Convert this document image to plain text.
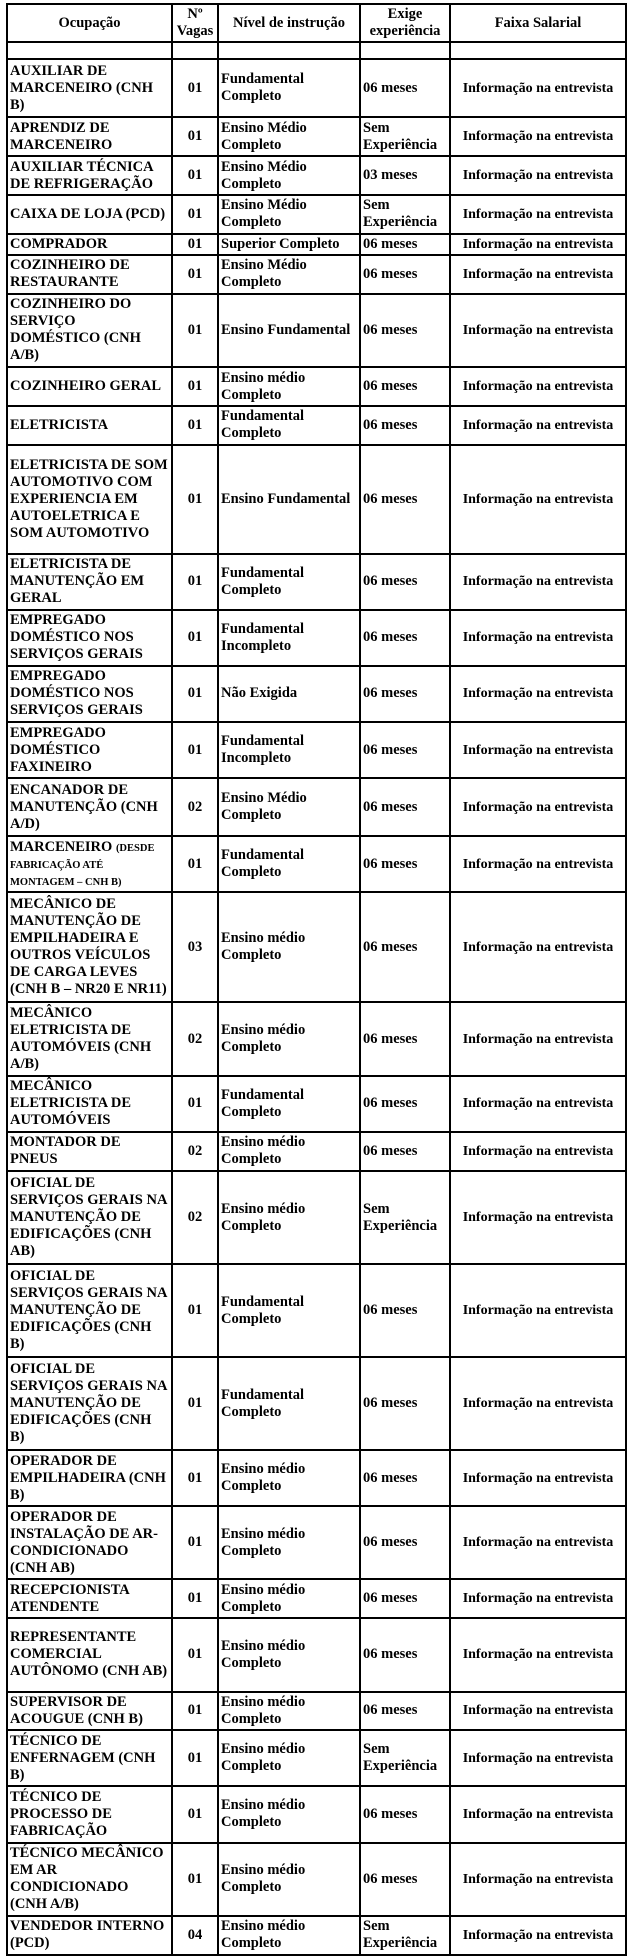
Ocupação	Nº Vagas	Nível de instrução	Exige experiência	Faixa Salarial

AUXILIAR DE MARCENEIRO (CNH B)	01	Fundamental Completo	06 meses	Informação na entrevista
APRENDIZ DE MARCENEIRO	01	Ensino Médio Completo	Sem Experiência	Informação na entrevista
AUXILIAR TÉCNICA DE REFRIGERAÇÃO	01	Ensino Médio Completo	03 meses	Informação na entrevista
CAIXA DE LOJA (PCD)	01	Ensino Médio Completo	Sem Experiência	Informação na entrevista
COMPRADOR	01	Superior Completo	06 meses	Informação na entrevista
COZINHEIRO DE RESTAURANTE	01	Ensino Médio Completo	06 meses	Informação na entrevista
COZINHEIRO DO SERVIÇO DOMÉSTICO (CNH A/B)	01	Ensino Fundamental	06 meses	Informação na entrevista
COZINHEIRO GERAL	01	Ensino médio Completo	06 meses	Informação na entrevista
ELETRICISTA	01	Fundamental Completo	06 meses	Informação na entrevista
ELETRICISTA DE SOM AUTOMOTIVO COM EXPERIENCIA EM AUTOELETRICA E SOM AUTOMOTIVO	01	Ensino Fundamental	06 meses	Informação na entrevista
ELETRICISTA DE MANUTENÇÃO EM GERAL	01	Fundamental Completo	06 meses	Informação na entrevista
EMPREGADO DOMÉSTICO NOS SERVIÇOS GERAIS	01	Fundamental Incompleto	06 meses	Informação na entrevista
EMPREGADO DOMÉSTICO NOS SERVIÇOS GERAIS	01	Não Exigida	06 meses	Informação na entrevista
EMPREGADO DOMÉSTICO FAXINEIRO	01	Fundamental Incompleto	06 meses	Informação na entrevista
ENCANADOR DE MANUTENÇÃO (CNH A/D)	02	Ensino Médio Completo	06 meses	Informação na entrevista
MARCENEIRO (DESDE FABRICAÇÃO ATÉ MONTAGEM – CNH B)	01	Fundamental Completo	06 meses	Informação na entrevista
MECÂNICO DE MANUTENÇÃO DE EMPILHADEIRA E OUTROS VEÍCULOS DE CARGA LEVES (CNH B – NR20 E NR11)	03	Ensino médio Completo	06 meses	Informação na entrevista
MECÂNICO ELETRICISTA DE AUTOMÓVEIS (CNH A/B)	02	Ensino médio Completo	06 meses	Informação na entrevista
MECÂNICO ELETRICISTA DE AUTOMÓVEIS	01	Fundamental Completo	06 meses	Informação na entrevista
MONTADOR DE PNEUS	02	Ensino médio Completo	06 meses	Informação na entrevista
OFICIAL DE SERVIÇOS GERAIS NA MANUTENÇÃO DE EDIFICAÇÕES (CNH AB)	02	Ensino médio Completo	Sem Experiência	Informação na entrevista
OFICIAL DE SERVIÇOS GERAIS NA MANUTENÇÃO DE EDIFICAÇÕES (CNH B)	01	Fundamental Completo	06 meses	Informação na entrevista
OFICIAL DE SERVIÇOS GERAIS NA MANUTENÇÃO DE EDIFICAÇÕES (CNH B)	01	Fundamental Completo	06 meses	Informação na entrevista
OPERADOR DE EMPILHADEIRA (CNH B)	01	Ensino médio Completo	06 meses	Informação na entrevista
OPERADOR DE INSTALAÇÃO DE AR-CONDICIONADO (CNH AB)	01	Ensino médio Completo	06 meses	Informação na entrevista
RECEPCIONISTA ATENDENTE	01	Ensino médio Completo	06 meses	Informação na entrevista
REPRESENTANTE COMERCIAL AUTÔNOMO (CNH AB)	01	Ensino médio Completo	06 meses	Informação na entrevista
SUPERVISOR DE ACOUGUE (CNH B)	01	Ensino médio Completo	06 meses	Informação na entrevista
TÉCNICO DE ENFERNAGEM (CNH B)	01	Ensino médio Completo	Sem Experiência	Informação na entrevista
TÉCNICO DE PROCESSO DE FABRICAÇÃO	01	Ensino médio Completo	06 meses	Informação na entrevista
TÉCNICO MECÂNICO EM AR CONDICIONADO (CNH A/B)	01	Ensino médio Completo	06 meses	Informação na entrevista
VENDEDOR INTERNO (PCD)	04	Ensino médio Completo	Sem Experiência	Informação na entrevista
